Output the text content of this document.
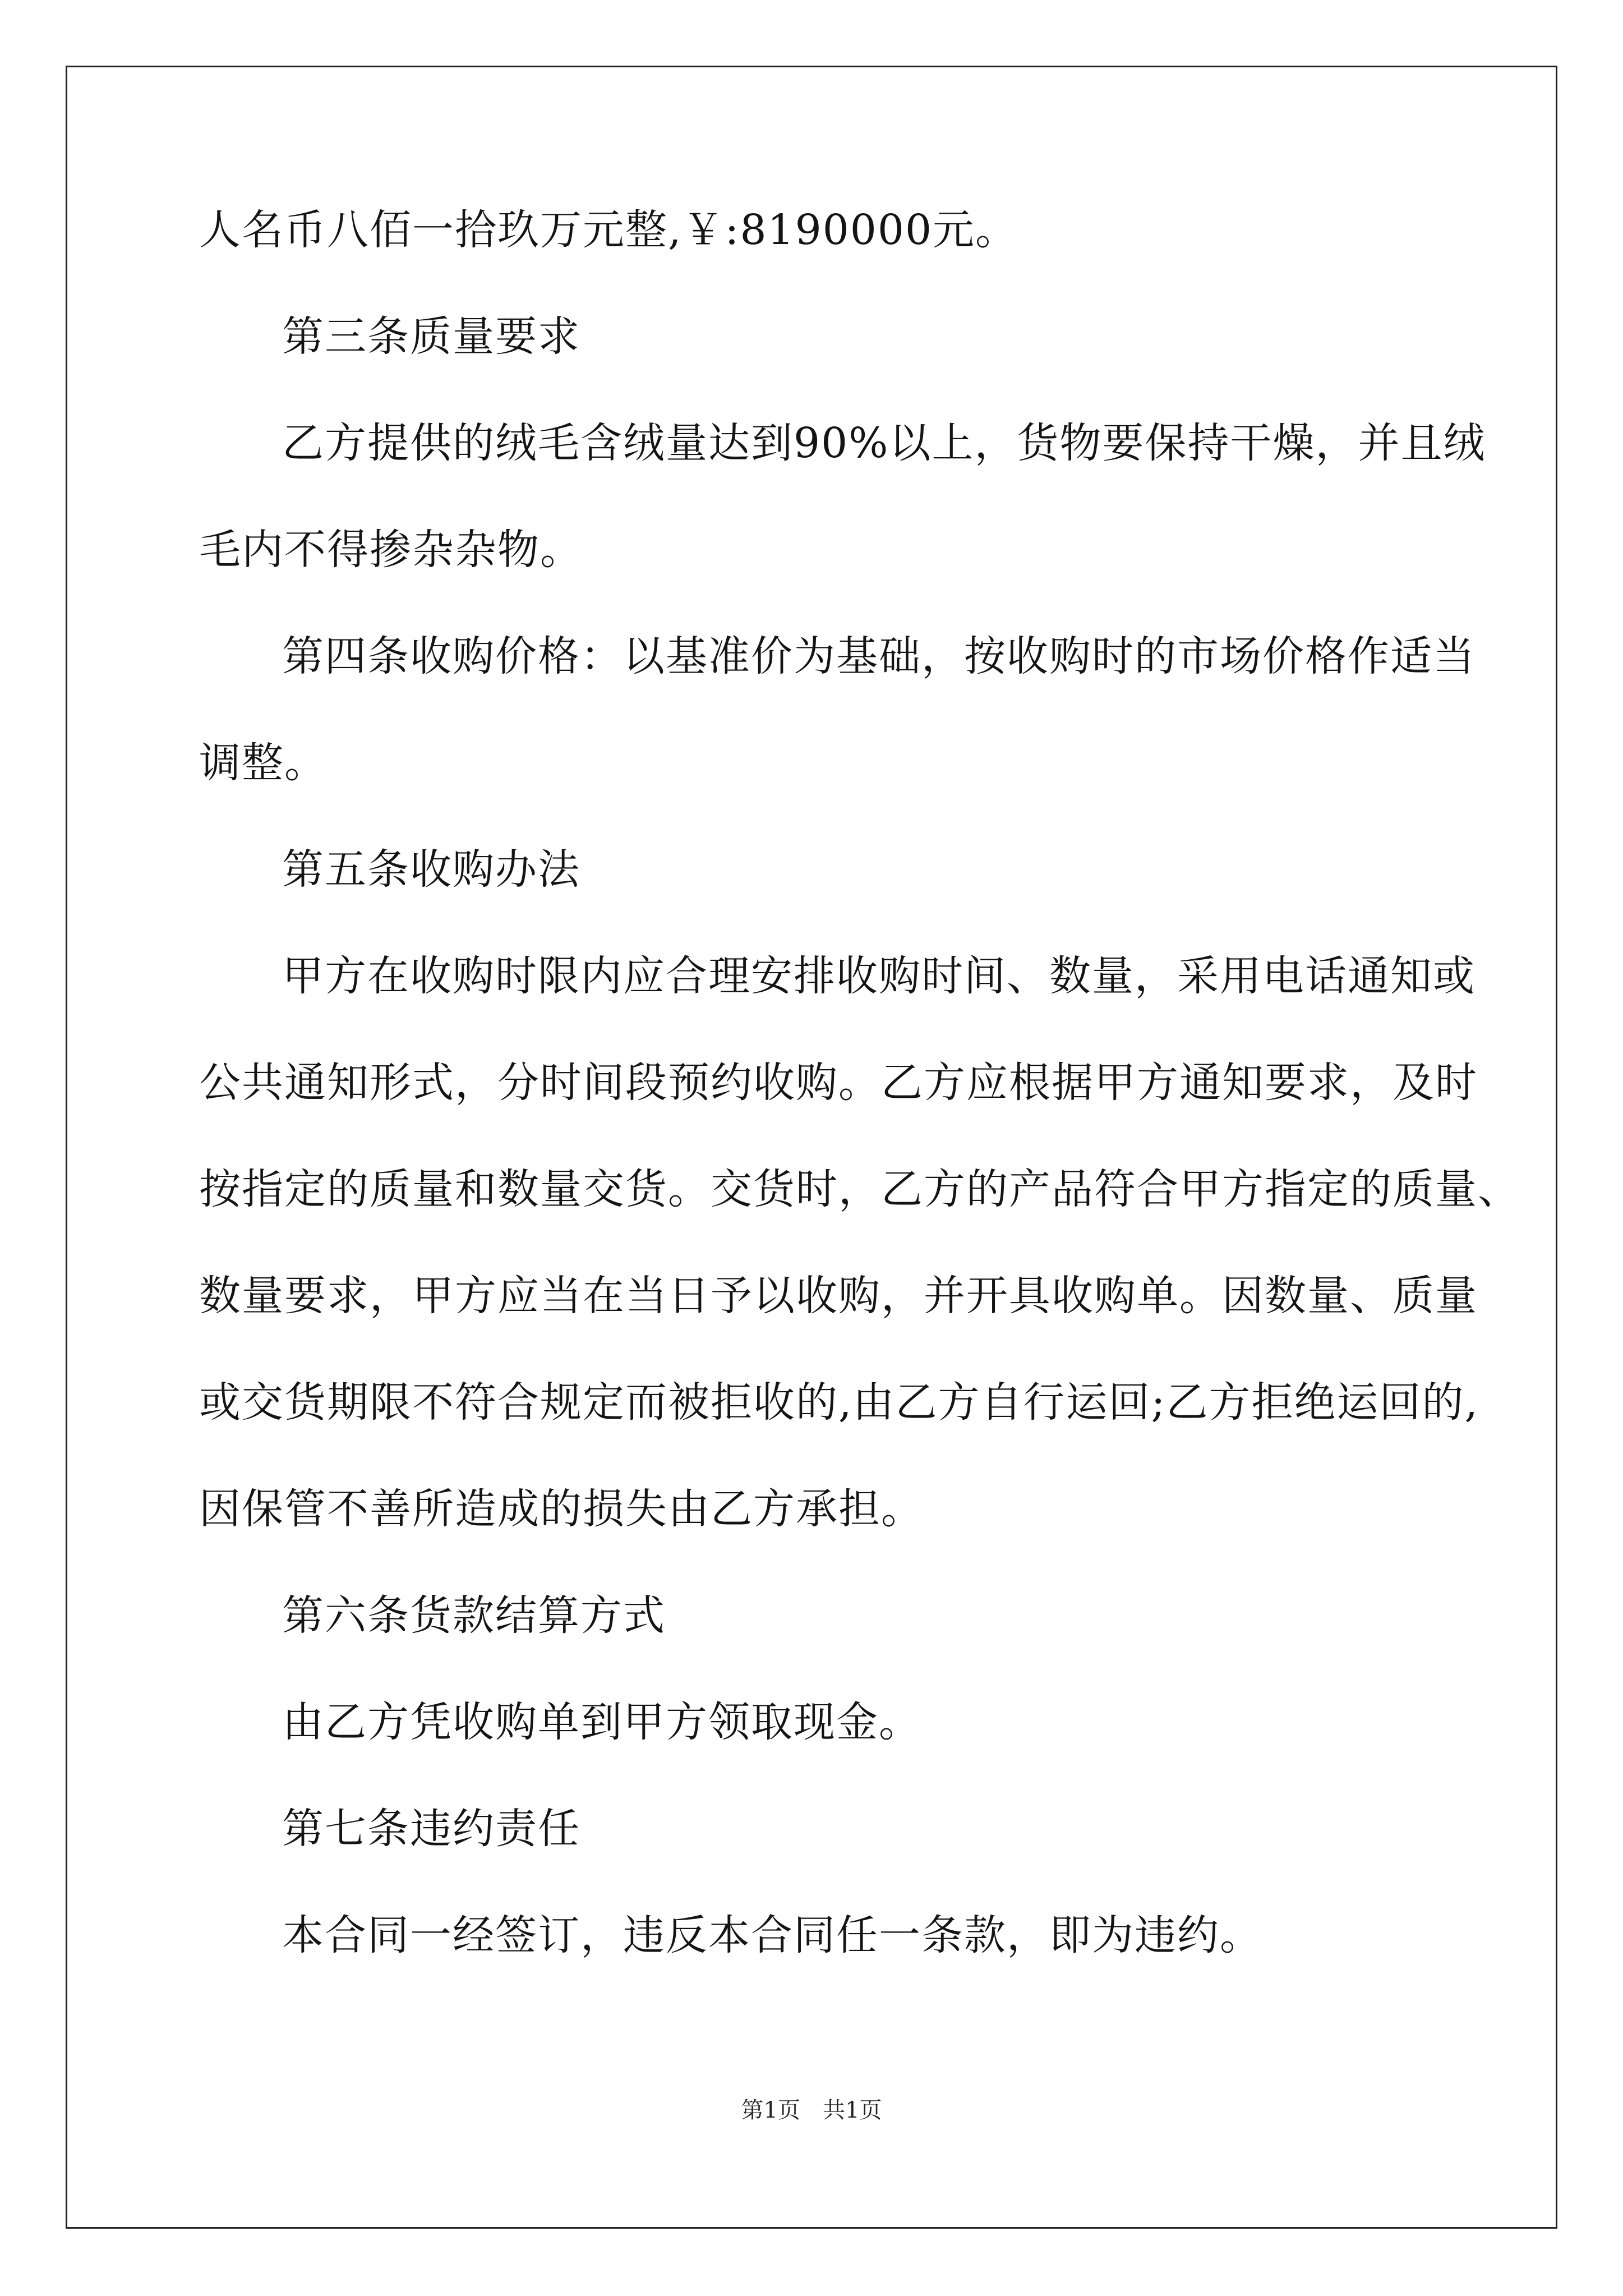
人名币八佰一拾玖万元整,￥:8190000元。
第三条质量要求
乙方提供的绒毛含绒量达到90%以上，货物要保持干燥，并且绒
毛内不得掺杂杂物。
第四条收购价格：以基准价为基础，按收购时的市场价格作适当
调整。
第五条收购办法
甲方在收购时限内应合理安排收购时间、数量，采用电话通知或
公共通知形式，分时间段预约收购。乙方应根据甲方通知要求，及时
按指定的质量和数量交货。交货时，乙方的产品符合甲方指定的质量、
数量要求，甲方应当在当日予以收购，并开具收购单。因数量、质量
或交货期限不符合规定而被拒收的,由乙方自行运回;乙方拒绝运回的,
因保管不善所造成的损失由乙方承担。
第六条货款结算方式
由乙方凭收购单到甲方领取现金。
第七条违约责任
本合同一经签订，违反本合同任一条款，即为违约。
第1页　共1页
